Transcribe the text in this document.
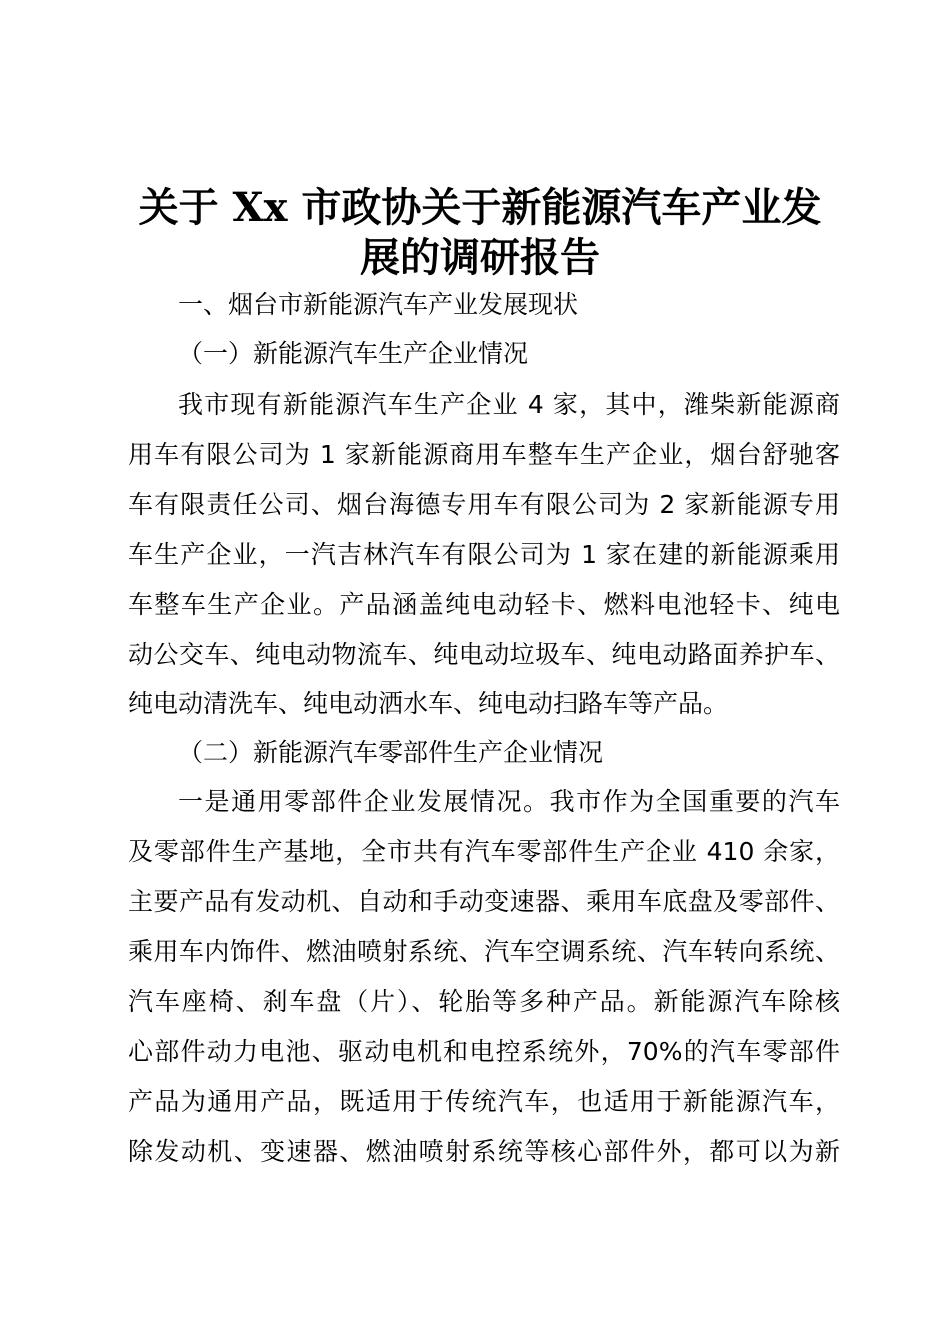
关于 Xx 市政协关于新能源汽车产业发
展的调研报告
一、烟台市新能源汽车产业发展现状
（一）新能源汽车生产企业情况
我市现有新能源汽车生产企业 4 家，其中，潍柴新能源商
用车有限公司为 1 家新能源商用车整车生产企业，烟台舒驰客
车有限责任公司、烟台海德专用车有限公司为 2 家新能源专用
车生产企业，一汽吉林汽车有限公司为 1 家在建的新能源乘用
车整车生产企业。产品涵盖纯电动轻卡、燃料电池轻卡、纯电
动公交车、纯电动物流车、纯电动垃圾车、纯电动路面养护车、
纯电动清洗车、纯电动洒水车、纯电动扫路车等产品。
（二）新能源汽车零部件生产企业情况
一是通用零部件企业发展情况。我市作为全国重要的汽车
及零部件生产基地，全市共有汽车零部件生产企业 410 余家，
主要产品有发动机、自动和手动变速器、乘用车底盘及零部件、
乘用车内饰件、燃油喷射系统、汽车空调系统、汽车转向系统、
汽车座椅、刹车盘（片）、轮胎等多种产品。新能源汽车除核
心部件动力电池、驱动电机和电控系统外，70%的汽车零部件
产品为通用产品，既适用于传统汽车，也适用于新能源汽车，
除发动机、变速器、燃油喷射系统等核心部件外，都可以为新
